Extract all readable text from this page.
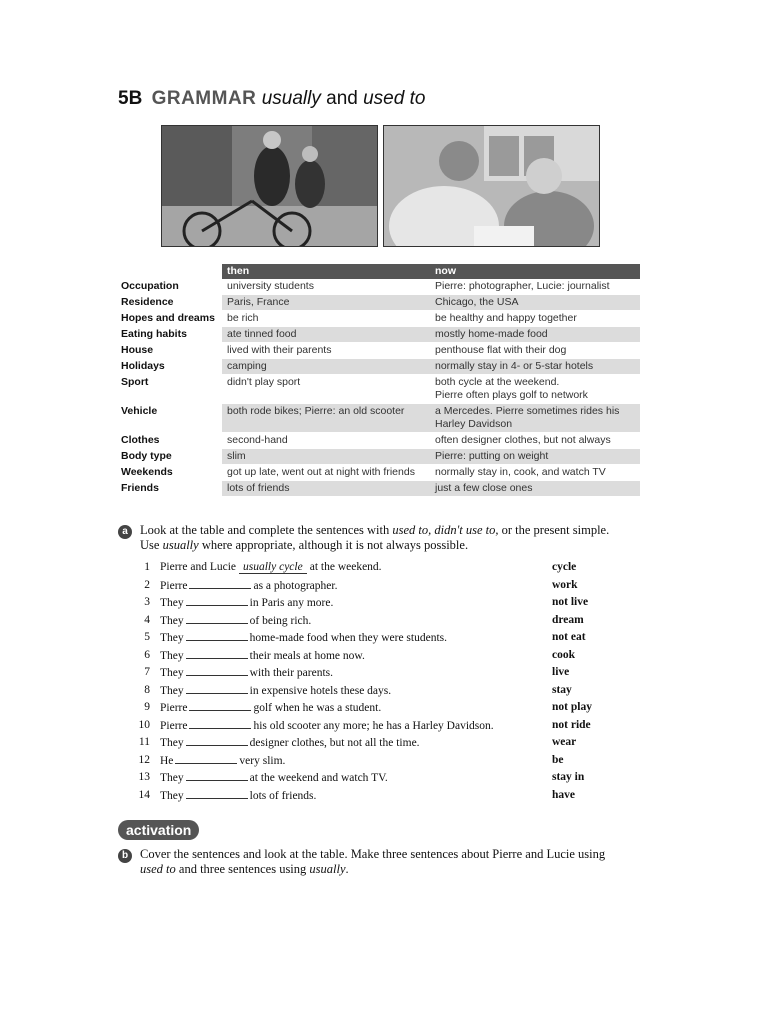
5B GRAMMAR usually and used to
then	now
Occupation	university students	Pierre: photographer, Lucie: journalist
Residence	Paris, France	Chicago, the USA
Hopes and dreams	be rich	be healthy and happy together
Eating habits	ate tinned food	mostly home-made food
House	lived with their parents	penthouse flat with their dog
Holidays	camping	normally stay in 4- or 5-star hotels
Sport	didn't play sport	both cycle at the weekend.
Pierre often plays golf to network
Vehicle	both rode bikes; Pierre: an old scooter	a Mercedes. Pierre sometimes rides his
Harley Davidson
Clothes	second-hand	often designer clothes, but not always
Body type	slim	Pierre: putting on weight
Weekends	got up late, went out at night with friends	normally stay in, cook, and watch TV
Friends	lots of friends	just a few close ones
a Look at the table and complete the sentences with used to, didn't use to, or the present simple.
Use usually where appropriate, although it is not always possible.
1 Pierre and Lucie usually cycle at the weekend.	cycle
2 Pierre	as a photographer.	work
3 They	in Paris any more.	not live
4 They	of being rich.	dream
5 They	home-made food when they were students.	not eat
6 They	their meals at home now.	cook
7 They	with their parents.	live
8 They	in expensive hotels these days.	stay
9 Pierre	golf when he was a student.	not play
10 Pierre	his old scooter any more; he has a Harley Davidson.	not ride
11 They	designer clothes, but not all the time.	wear
12 He	very slim.	be
13 They	at the weekend and watch TV.	stay in
14 They	lots of friends.	have
activation
b Cover the sentences and look at the table. Make three sentences about Pierre and Lucie using
used to and three sentences using usually.
